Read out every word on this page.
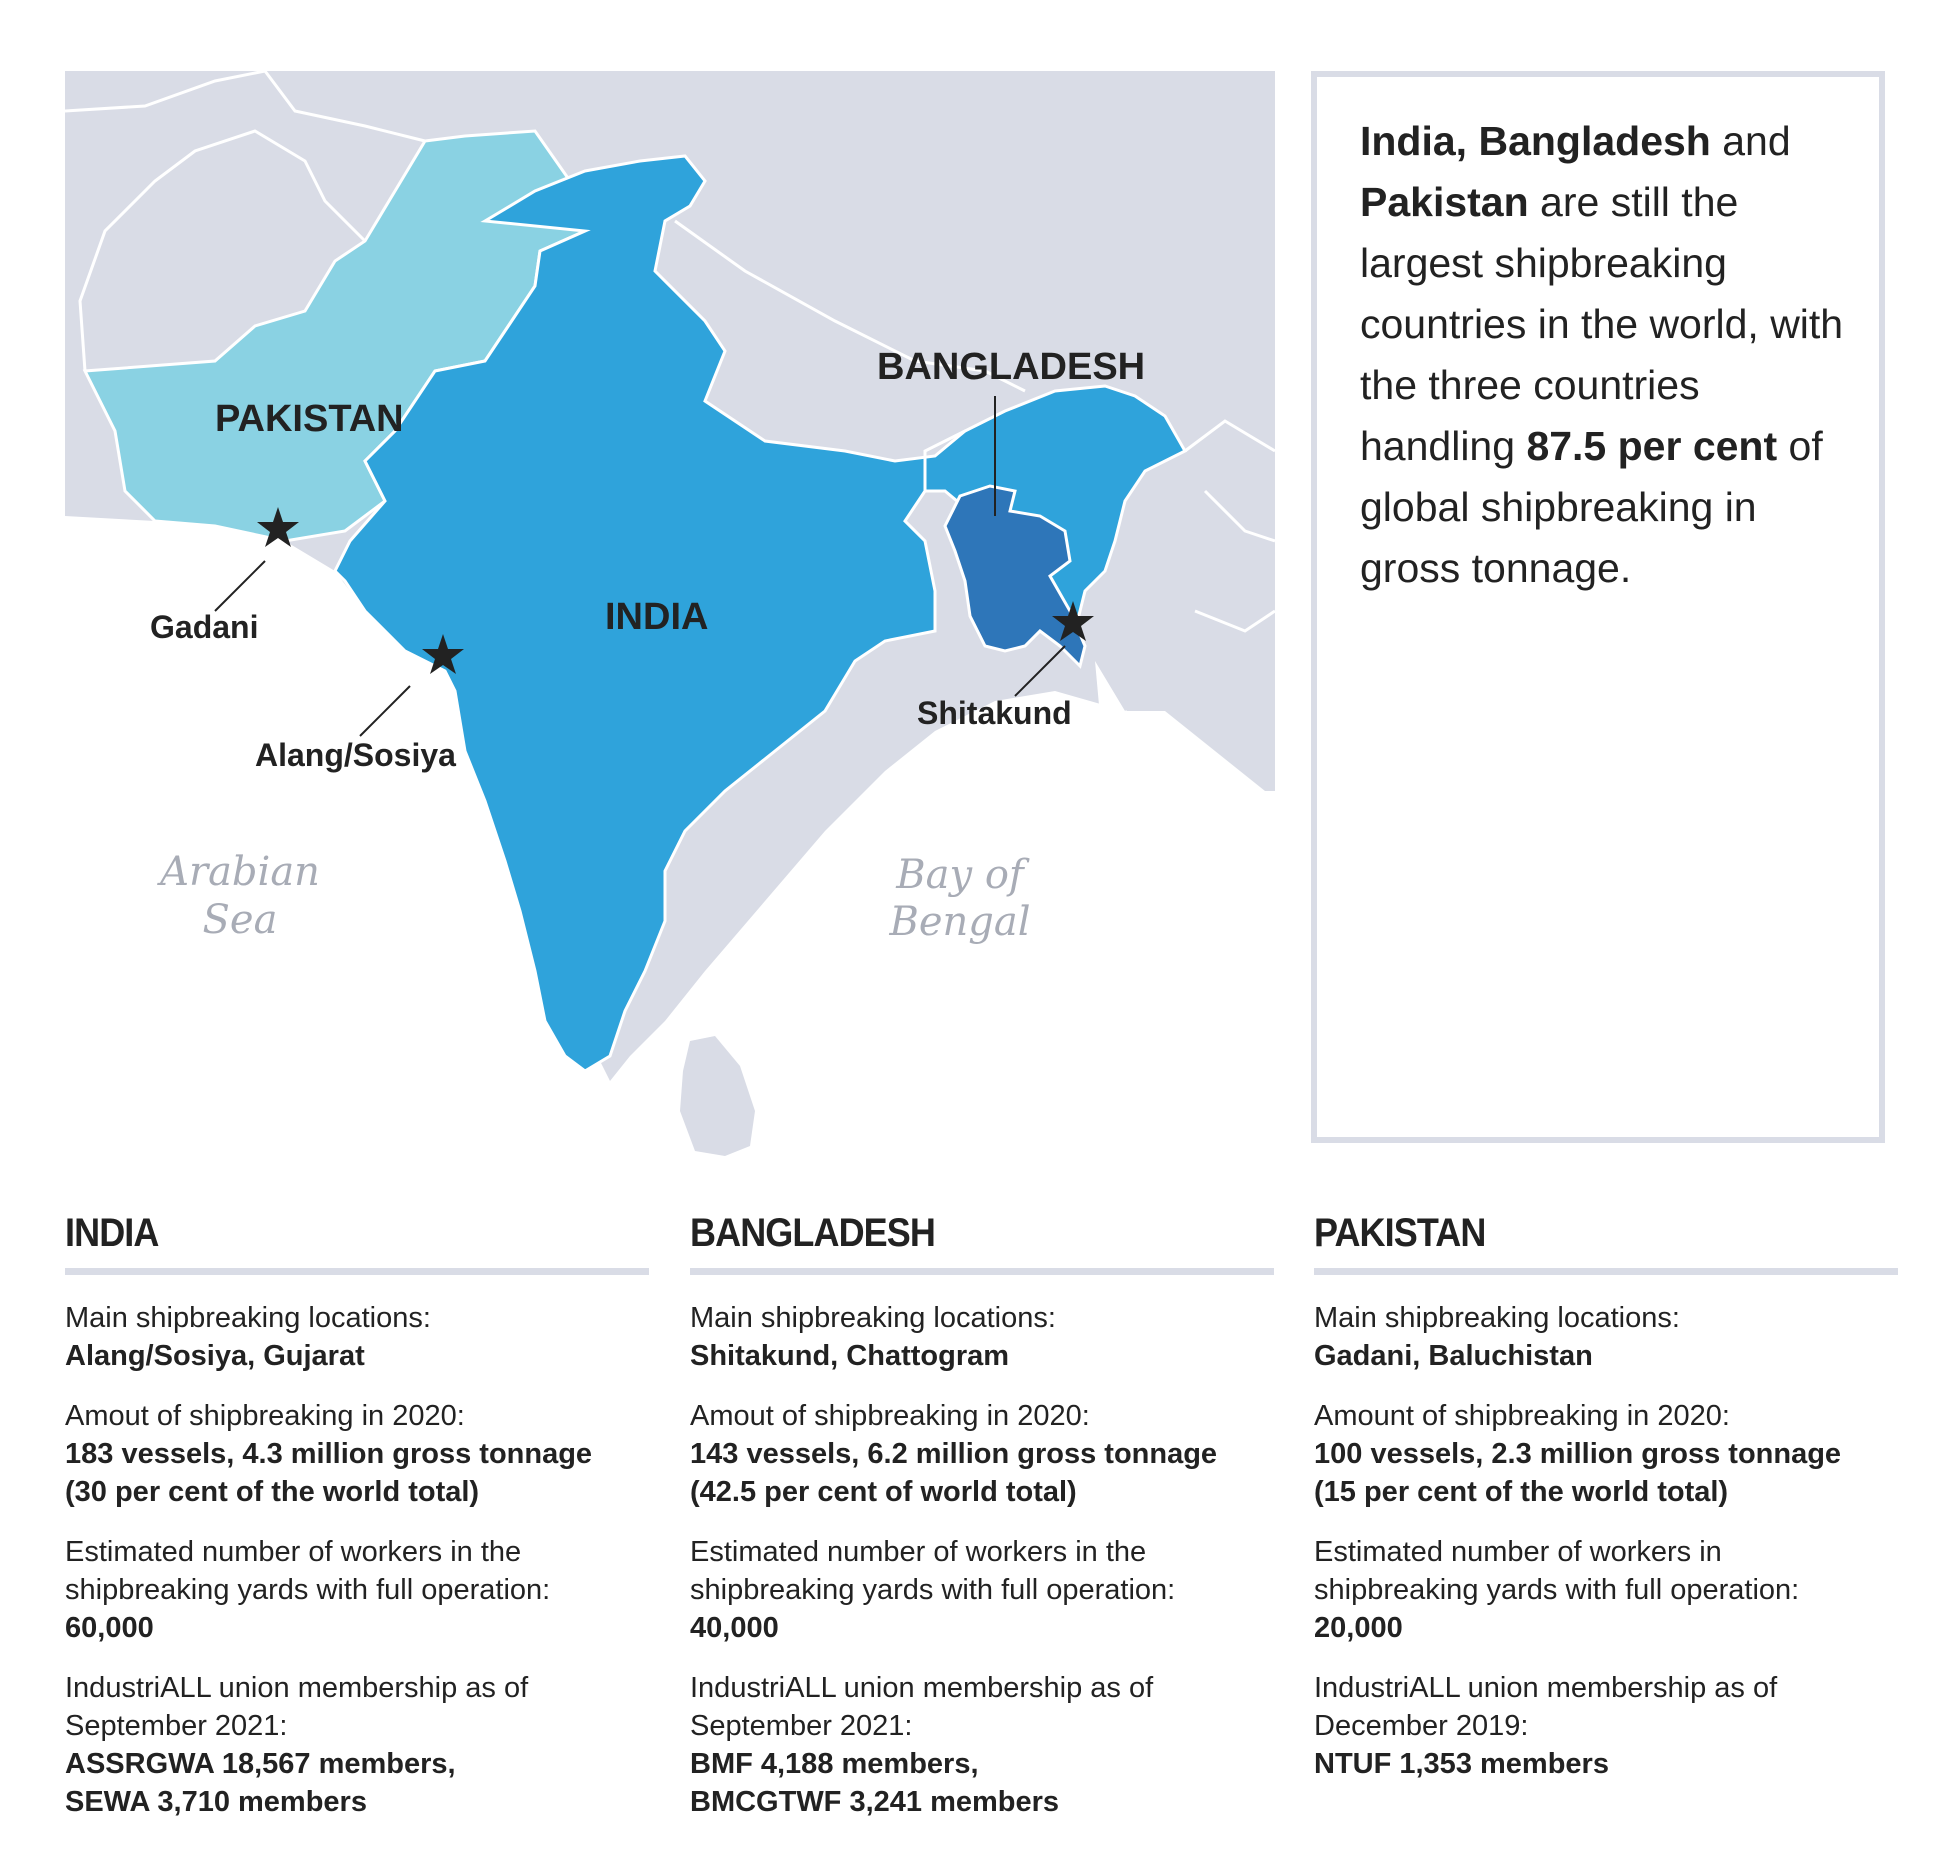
PAKISTAN
INDIA
BANGLADESH
Gadani
Alang/Sosiya
Shitakund
Arabian
Sea
Bay of
Bengal

India, Bangladesh and Pakistan are still the largest shipbreaking countries in the world, with the three countries handling 87.5 per cent of global shipbreaking in gross tonnage.

INDIA
Main shipbreaking locations:
Alang/Sosiya, Gujarat
Amout of shipbreaking in 2020:
183 vessels, 4.3 million gross tonnage
(30 per cent of the world total)
Estimated number of workers in the
shipbreaking yards with full operation:
60,000
IndustriALL union membership as of
September 2021:
ASSRGWA 18,567 members,
SEWA 3,710 members
BANGLADESH
Main shipbreaking locations:
Shitakund, Chattogram
Amout of shipbreaking in 2020:
143 vessels, 6.2 million gross tonnage
(42.5 per cent of world total)
Estimated number of workers in the
shipbreaking yards with full operation:
40,000
IndustriALL union membership as of
September 2021:
BMF 4,188 members,
BMCGTWF 3,241 members
PAKISTAN
Main shipbreaking locations:
Gadani, Baluchistan
Amount of shipbreaking in 2020:
100 vessels, 2.3 million gross tonnage
(15 per cent of the world total)
Estimated number of workers in
shipbreaking yards with full operation:
20,000
IndustriALL union membership as of
December 2019:
NTUF 1,353 members
